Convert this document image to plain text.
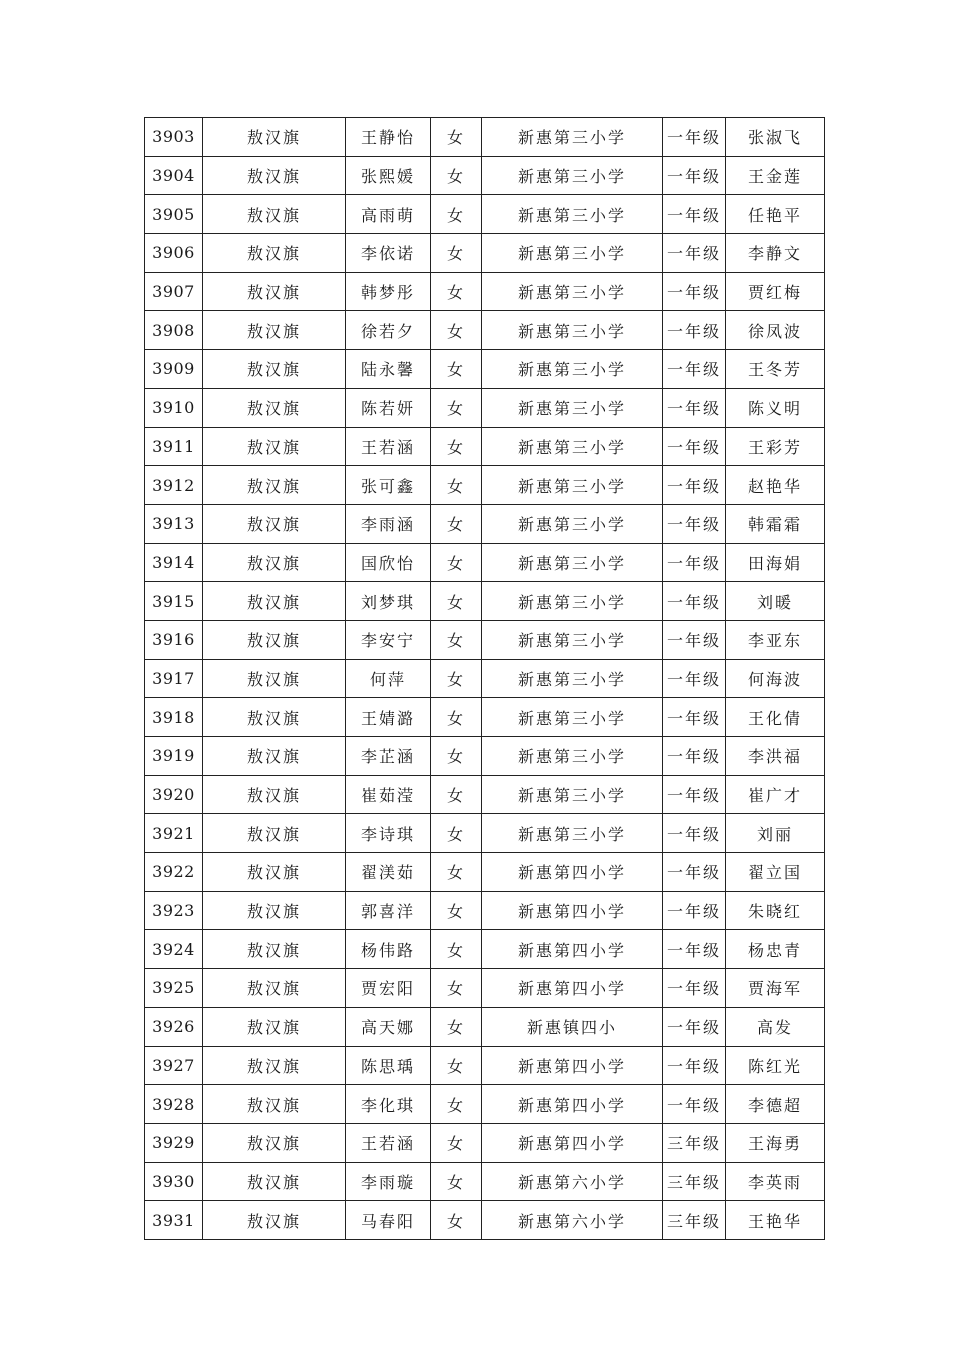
3903	敖汉旗	王静怡	女	新惠第三小学	一年级	张淑飞
3904	敖汉旗	张熙媛	女	新惠第三小学	一年级	王金莲
3905	敖汉旗	高雨萌	女	新惠第三小学	一年级	任艳平
3906	敖汉旗	李依诺	女	新惠第三小学	一年级	李静文
3907	敖汉旗	韩梦彤	女	新惠第三小学	一年级	贾红梅
3908	敖汉旗	徐若夕	女	新惠第三小学	一年级	徐凤波
3909	敖汉旗	陆永馨	女	新惠第三小学	一年级	王冬芳
3910	敖汉旗	陈若妍	女	新惠第三小学	一年级	陈义明
3911	敖汉旗	王若涵	女	新惠第三小学	一年级	王彩芳
3912	敖汉旗	张可鑫	女	新惠第三小学	一年级	赵艳华
3913	敖汉旗	李雨涵	女	新惠第三小学	一年级	韩霜霜
3914	敖汉旗	国欣怡	女	新惠第三小学	一年级	田海娟
3915	敖汉旗	刘梦琪	女	新惠第三小学	一年级	刘暖
3916	敖汉旗	李安宁	女	新惠第三小学	一年级	李亚东
3917	敖汉旗	何萍	女	新惠第三小学	一年级	何海波
3918	敖汉旗	王婧潞	女	新惠第三小学	一年级	王化倩
3919	敖汉旗	李芷涵	女	新惠第三小学	一年级	李洪福
3920	敖汉旗	崔茹滢	女	新惠第三小学	一年级	崔广才
3921	敖汉旗	李诗琪	女	新惠第三小学	一年级	刘丽
3922	敖汉旗	翟渼茹	女	新惠第四小学	一年级	翟立国
3923	敖汉旗	郭喜洋	女	新惠第四小学	一年级	朱晓红
3924	敖汉旗	杨伟路	女	新惠第四小学	一年级	杨忠青
3925	敖汉旗	贾宏阳	女	新惠第四小学	一年级	贾海军
3926	敖汉旗	高天娜	女	新惠镇四小	一年级	高发
3927	敖汉旗	陈思瑀	女	新惠第四小学	一年级	陈红光
3928	敖汉旗	李化琪	女	新惠第四小学	一年级	李德超
3929	敖汉旗	王若涵	女	新惠第四小学	三年级	王海勇
3930	敖汉旗	李雨璇	女	新惠第六小学	三年级	李英雨
3931	敖汉旗	马春阳	女	新惠第六小学	三年级	王艳华
